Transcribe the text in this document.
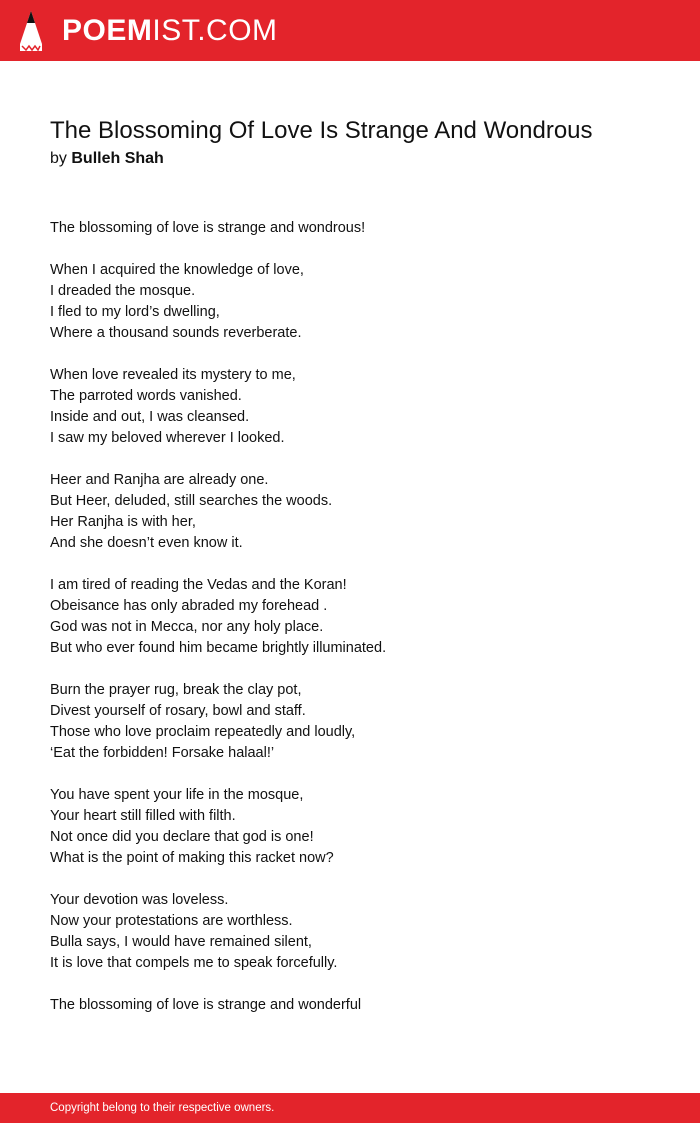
POEMIST.COM
The Blossoming Of Love Is Strange And Wondrous
by Bulleh Shah
The blossoming of love is strange and wondrous!
When I acquired the knowledge of love,
I dreaded the mosque.
I fled to my lord’s dwelling,
Where a thousand sounds reverberate.
When love revealed its mystery to me,
The parroted words vanished.
Inside and out, I was cleansed.
I saw my beloved wherever I looked.
Heer and Ranjha are already one.
But Heer, deluded, still searches the woods.
Her Ranjha is with her,
And she doesn’t even know it.
I am tired of reading the Vedas and the Koran!
Obeisance has only abraded my forehead .
God was not in Mecca, nor any holy place.
But who ever found him became brightly illuminated.
Burn the prayer rug, break the clay pot,
Divest yourself of rosary, bowl and staff.
Those who love proclaim repeatedly and loudly,
‘Eat the forbidden! Forsake halaal!’
You have spent your life in the mosque,
Your heart still filled with filth.
Not once did you declare that god is one!
What is the point of making this racket now?
Your devotion was loveless.
Now your protestations are worthless.
Bulla says, I would have remained silent,
It is love that compels me to speak forcefully.
The blossoming of love is strange and wonderful
Copyright belong to their respective owners.
